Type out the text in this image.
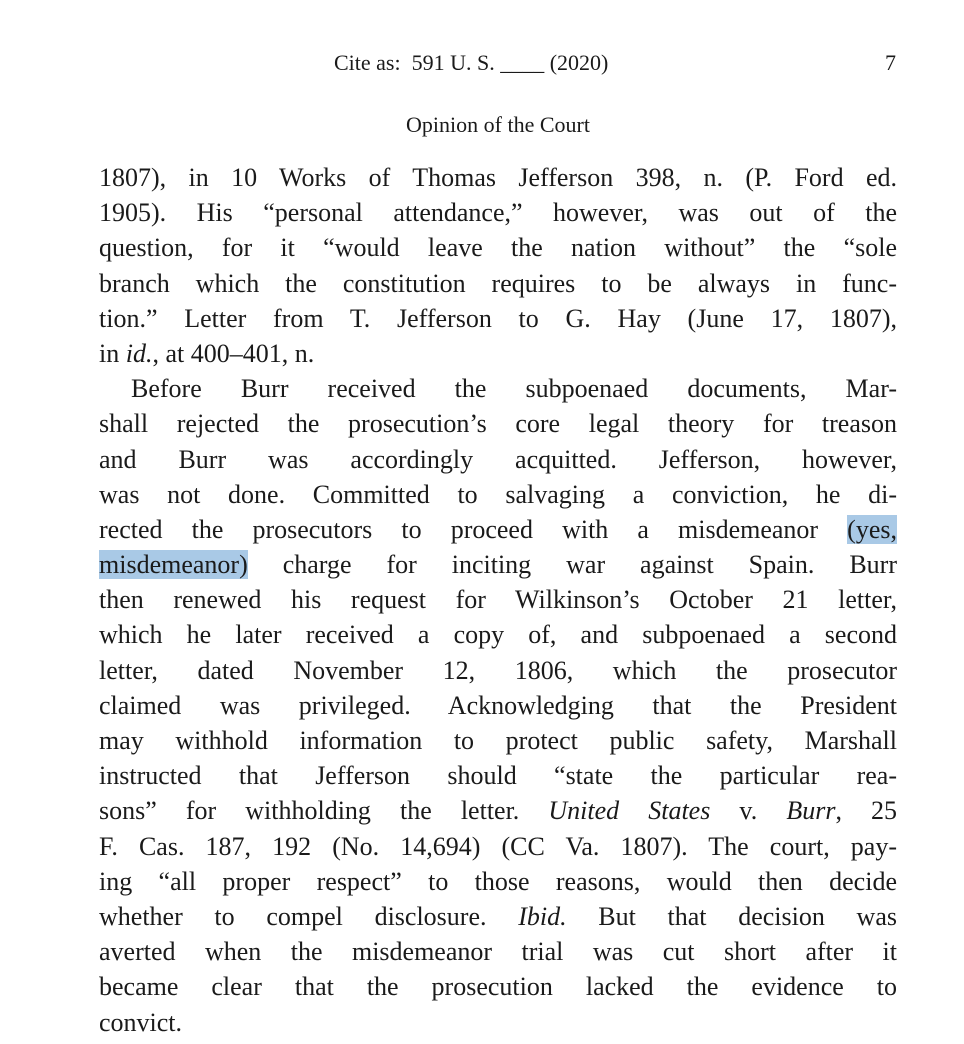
Cite as:  591 U. S. ____ (2020)	7
Opinion of the Court
1807), in 10 Works of Thomas Jefferson 398, n. (P. Ford ed.
1905). His “personal attendance,” however, was out of the
question, for it “would leave the nation without” the “sole
branch which the constitution requires to be always in func-
tion.” Letter from T. Jefferson to G. Hay (June 17, 1807),
in id., at 400–401, n.
Before Burr received the subpoenaed documents, Mar-
shall rejected the prosecution’s core legal theory for treason
and Burr was accordingly acquitted. Jefferson, however,
was not done. Committed to salvaging a conviction, he di-
rected the prosecutors to proceed with a misdemeanor (yes,
misdemeanor) charge for inciting war against Spain. Burr
then renewed his request for Wilkinson’s October 21 letter,
which he later received a copy of, and subpoenaed a second
letter, dated November 12, 1806, which the prosecutor
claimed was privileged. Acknowledging that the President
may withhold information to protect public safety, Marshall
instructed that Jefferson should “state the particular rea-
sons” for withholding the letter. United States v. Burr, 25
F. Cas. 187, 192 (No. 14,694) (CC Va. 1807). The court, pay-
ing “all proper respect” to those reasons, would then decide
whether to compel disclosure. Ibid. But that decision was
averted when the misdemeanor trial was cut short after it
became clear that the prosecution lacked the evidence to
convict.
